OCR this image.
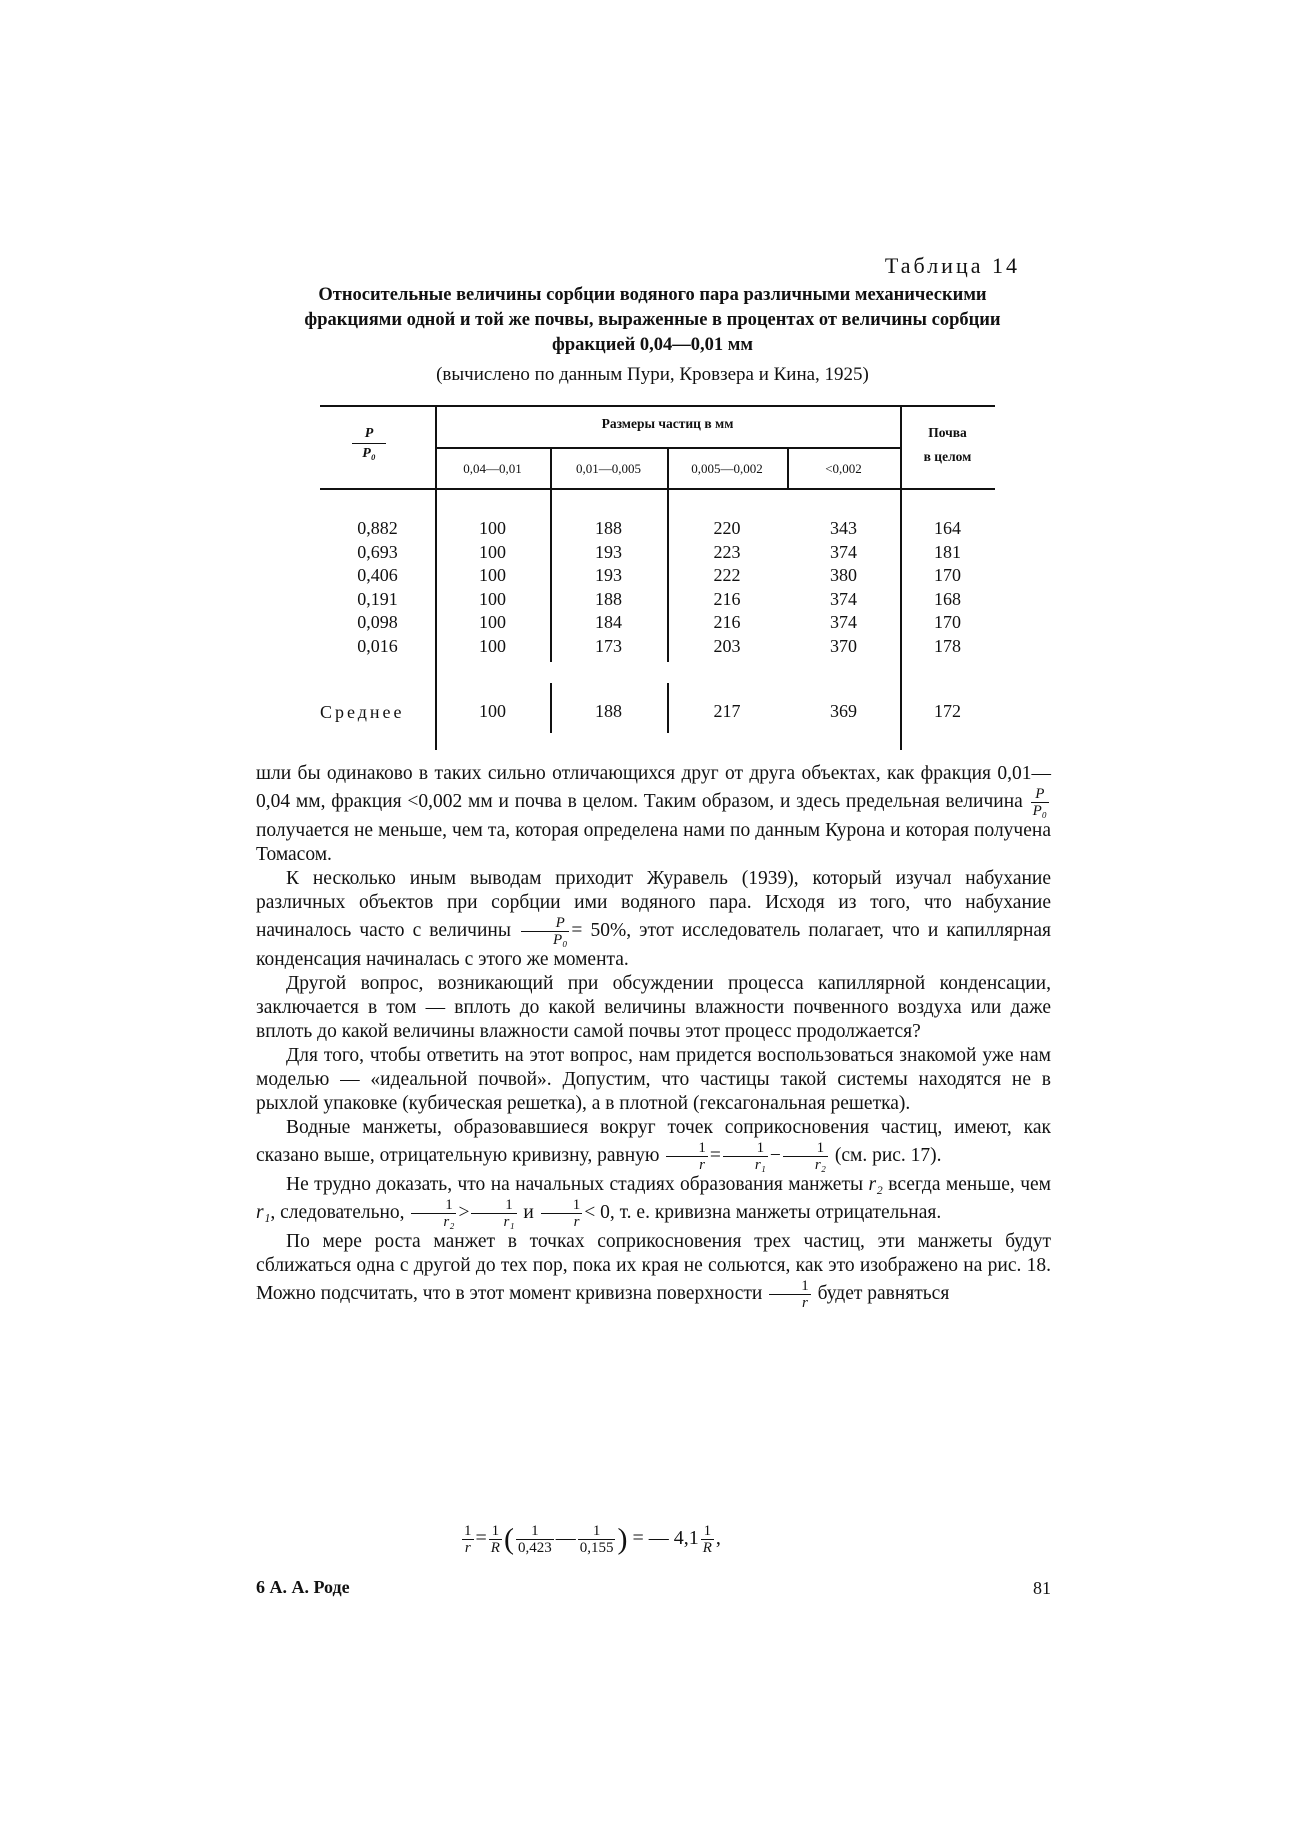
Таблица 14
Относительные величины сорбции водяного пара различными механическими фракциями одной и той же почвы, выраженные в процентах от величины сорбции фракцией 0,04—0,01 мм
(вычислено по данным Пури, Кровзера и Кина, 1925)
$\frac{P}{\text{P₀}}$
Размеры частиц в мм
0,04—0,01	0,01—0,005	0,005—0,002	<0,002
Почва
в целом
0,882	100	188	220	343	164
0,693	100	193	223	374	181
0,406	100	193	222	380	170
0,191	100	188	216	374	168
0,098	100	184	216	374	170
0,016	100	173	203	370	178
Среднее	100	188	217	369	172

шли бы одинаково в таких сильно отличающихся друг от друга объектах, как фракция 0,01—0,04 мм, фракция <0,002 мм и почва в целом. Таким образом, и здесь предельная величина $\frac{P}{\text{P₀}}$
получается не меньше, чем та, которая определена нами по данным Курона и которая получена Томасом.

К несколько иным выводам приходит Журавель (1939), который изучал набухание различных объектов при сорбции ими водяного пара. Исходя из того, что набухание начиналось часто с величины $\frac{P}{\text{P₀}} = 50\%$, этот исследователь полагает, что и капиллярная конденсация начиналась с этого же момента.

Другой вопрос, возникающий при обсуждении процесса капиллярной конденсации, заключается в том — вплоть до какой величины влажности почвенного воздуха или даже вплоть до какой величины влажности самой почвы этот процесс продолжается?

Для того, чтобы ответить на этот вопрос, нам придется воспользоваться знакомой уже нам моделью — «идеальной почвой». Допустим, что частицы такой системы находятся не в рыхлой упаковке (кубическая решетка), а в плотной (гексагональная решетка).

Водные манжеты, образовавшиеся вокруг точек соприкосновения частиц, имеют, как сказано выше, отрицательную кривизну, равную $\frac{1}{r} = \frac{1}{\text{r₁}} - \frac{1}{\text{r₂}} (см$. рис. 17).

Не трудно доказать, что на начальных стадиях образования манжеты r₂ всегда меньше, чем r₁, следовательно, $\frac{1}{\text{r₂}} > \frac{1}{\text{r₁}}$ и $\frac{1}{r} < 0$, т. е. кривизна манжеты отрицательная.

По мере роста манжет в точках соприкосновения трех частиц, эти манжеты будут сближаться одна с другой до тех пор, пока их края не сольются, как это изображено на рис. 18. Можно подсчитать, что в этот момент кривизна поверхности $\frac{1}{r}$ будет равняться

$\frac{1}{r} = \frac{1}{R}$ ( $\frac{1}{0,423}$ — $\frac{1}{0,155}$ ) = — $4,1 \frac{1}{R}$ ,
6 А. А. Роде	81
